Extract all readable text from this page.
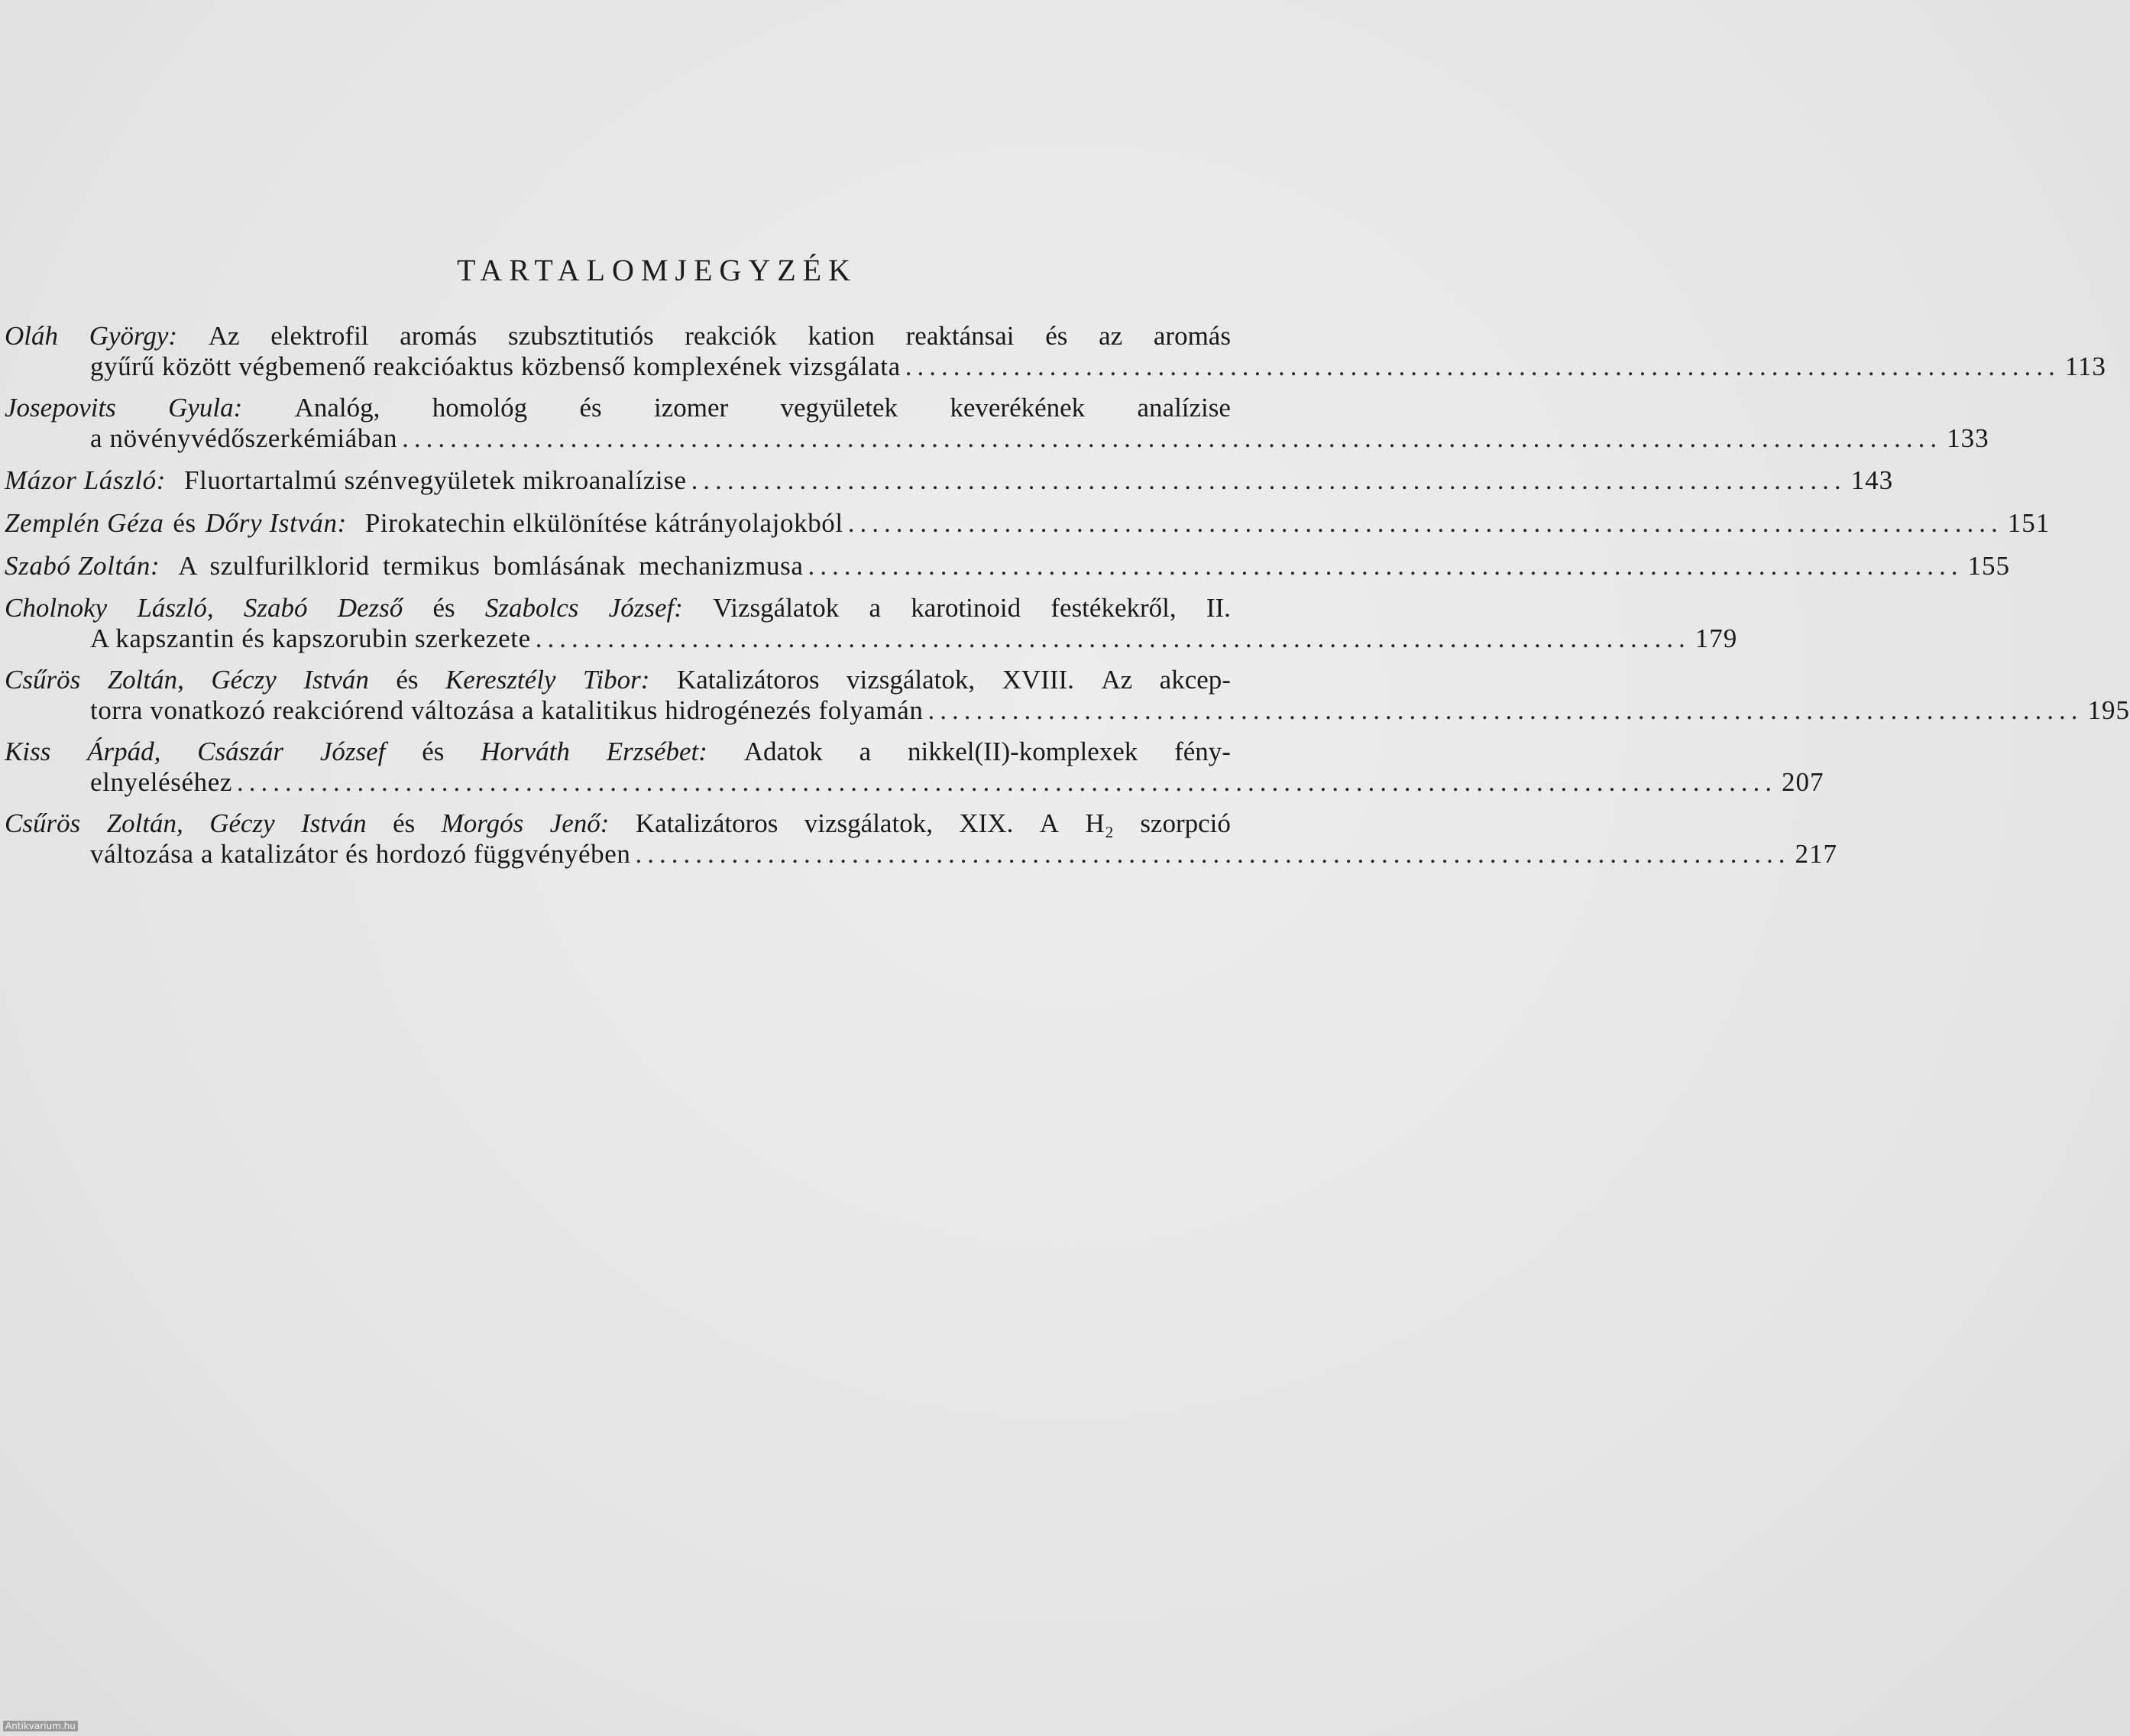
TARTALOMJEGYZÉK
Oláh György: Az elektrofil aromás szubsztitutiós reakciók kation reaktánsai és az aromás
gyűrű között végbemenő reakcióaktus közbenső komplexének vizsgálata ................................................................................................ 113
Josepovits Gyula: Analóg, homológ és izomer vegyületek keverékének analízise
a növényvédőszerkémiában ................................................................................................................................ 133
Mázor László: Fluortartalmú szénvegyületek mikroanalízise ................................................................................................ 143
Zemplén Géza és Dőry István: Pirokatechin elkülönítése kátrányolajokból ................................................................................................ 151
Szabó Zoltán: A szulfurilklorid termikus bomlásának mechanizmusa ................................................................................................ 155
Cholnoky László, Szabó Dezső és Szabolcs József: Vizsgálatok a karotinoid festékekről, II.
A kapszantin és kapszorubin szerkezete ................................................................................................ 179
Csűrös Zoltán, Géczy István és Keresztély Tibor: Katalizátoros vizsgálatok, XVIII. Az akcep-
torra vonatkozó reakciórend változása a katalitikus hidrogénezés folyamán ................................................................................................ 195
Kiss Árpád, Császár József és Horváth Erzsébet: Adatok a nikkel(II)-komplexek fény-
elnyeléséhez ................................................................................................................................ 207
Csűrös Zoltán, Géczy István és Morgós Jenő: Katalizátoros vizsgálatok, XIX. A H₂ szorpció
változása a katalizátor és hordozó függvényében ................................................................................................ 217
Antikvarium.hu
